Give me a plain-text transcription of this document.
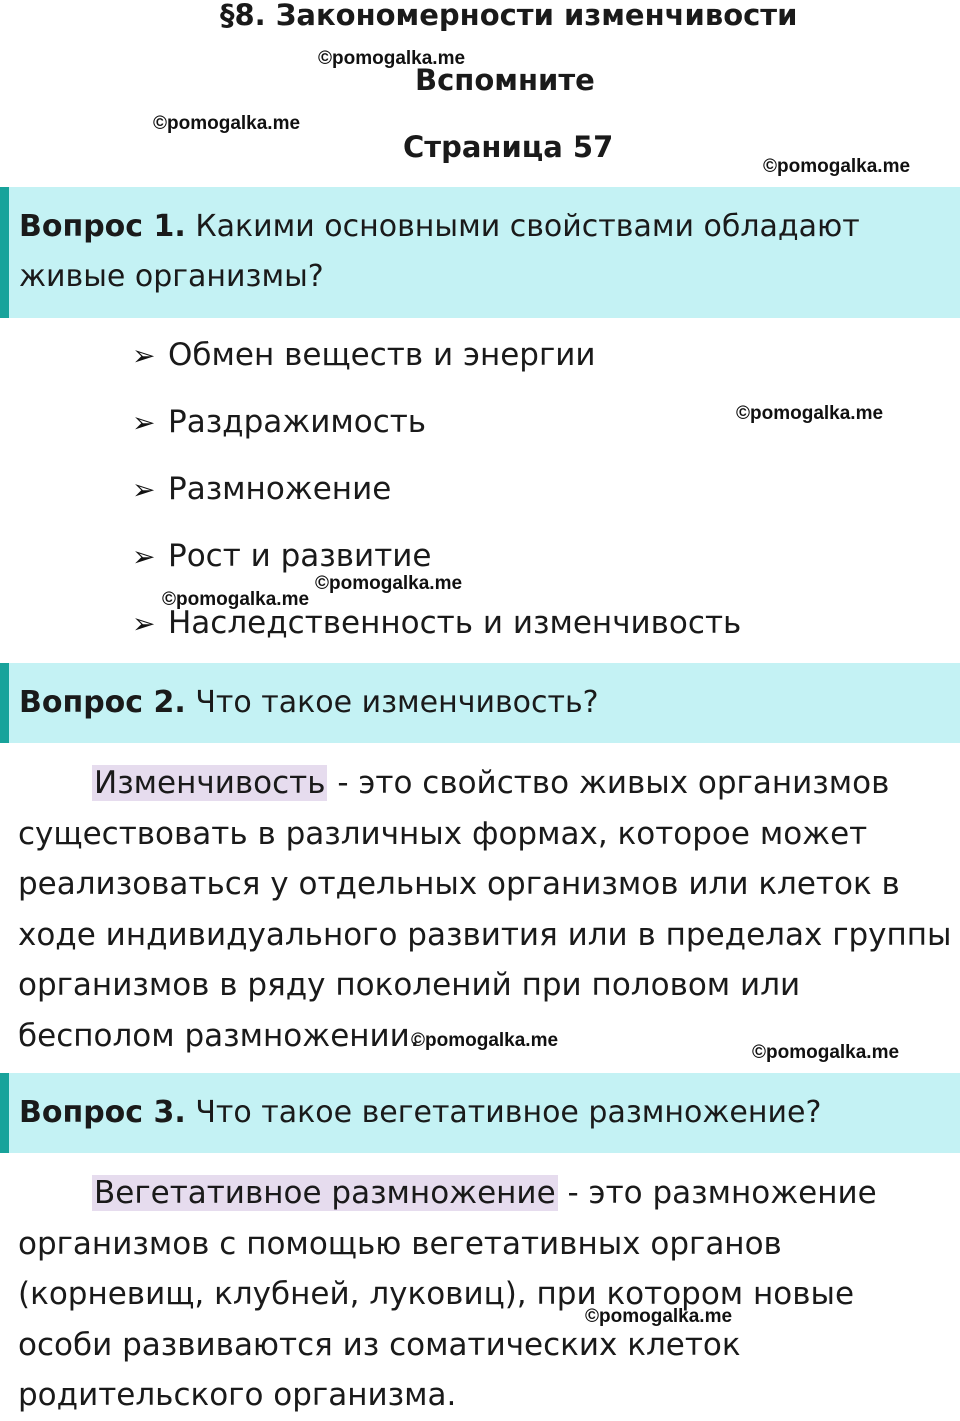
§8. Закономерности изменчивости
Вспомните
Страница 57
©pomogalka.me
©pomogalka.me
©pomogalka.me
©pomogalka.me
©pomogalka.me
©pomogalka.me
©pomogalka.me
©pomogalka.me
©pomogalka.me
Вопрос 1. Какими основными свойствами обладают живые организмы?
➢ Обмен веществ и энергии
➢ Раздражимость
➢ Размножение
➢ Рост и развитие
➢ Наследственность и изменчивость
Вопрос 2. Что такое изменчивость?
Изменчивость - это свойство живых организмов существовать в различных формах, которое может реализоваться у отдельных организмов или клеток в ходе индивидуального развития или в пределах группы организмов в ряду поколений при половом или бесполом размножении.
Вопрос 3. Что такое вегетативное размножение?
Вегетативное размножение - это размножение организмов с помощью вегетативных органов (корневищ, клубней, луковиц), при котором новые особи развиваются из соматических клеток родительского организма.
